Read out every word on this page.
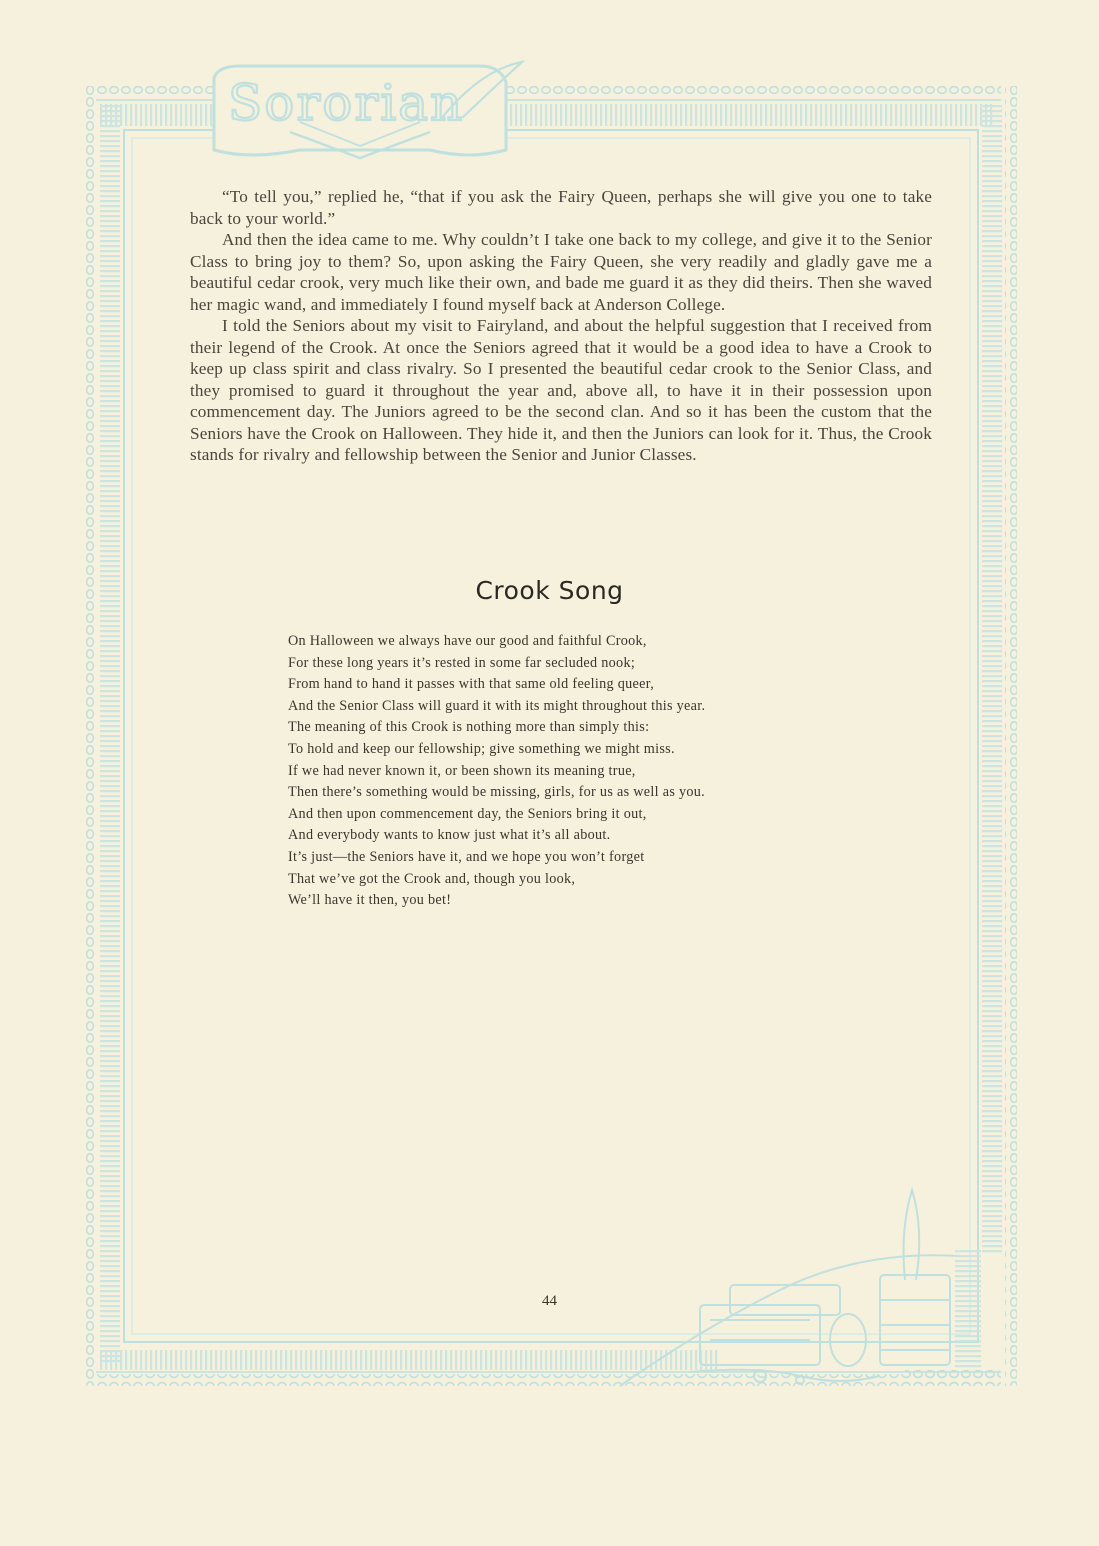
Sororian

“To tell you,” replied he, “that if you ask the Fairy Queen, perhaps she will give you one to take back to your world.”

And then the idea came to me. Why couldn’t I take one back to my college, and give it to the Senior Class to bring joy to them? So, upon asking the Fairy Queen, she very readily and gladly gave me a beautiful cedar crook, very much like their own, and bade me guard it as they did theirs. Then she waved her magic wand, and immediately I found myself back at Anderson College.

I told the Seniors about my visit to Fairyland, and about the helpful suggestion that I received from their legend of the Crook. At once the Seniors agreed that it would be a good idea to have a Crook to keep up class spirit and class rivalry. So I presented the beautiful cedar crook to the Senior Class, and they promised to guard it throughout the year and, above all, to have it in their possession upon commencement day. The Juniors agreed to be the second clan. And so it has been the custom that the Seniors have the Crook on Halloween. They hide it, and then the Juniors can look for it. Thus, the Crook stands for rivalry and fellowship between the Senior and Junior Classes.

Crook Song
On Halloween we always have our good and faithful Crook,
For these long years it’s rested in some far secluded nook;
From hand to hand it passes with that same old feeling queer,
And the Senior Class will guard it with its might throughout this year.
The meaning of this Crook is nothing more than simply this:
To hold and keep our fellowship; give something we might miss.
If we had never known it, or been shown its meaning true,
Then there’s something would be missing, girls, for us as well as you.
And then upon commencement day, the Seniors bring it out,
And everybody wants to know just what it’s all about.
It’s just—the Seniors have it, and we hope you won’t forget
That we’ve got the Crook and, though you look,
We’ll have it then, you bet!
44
